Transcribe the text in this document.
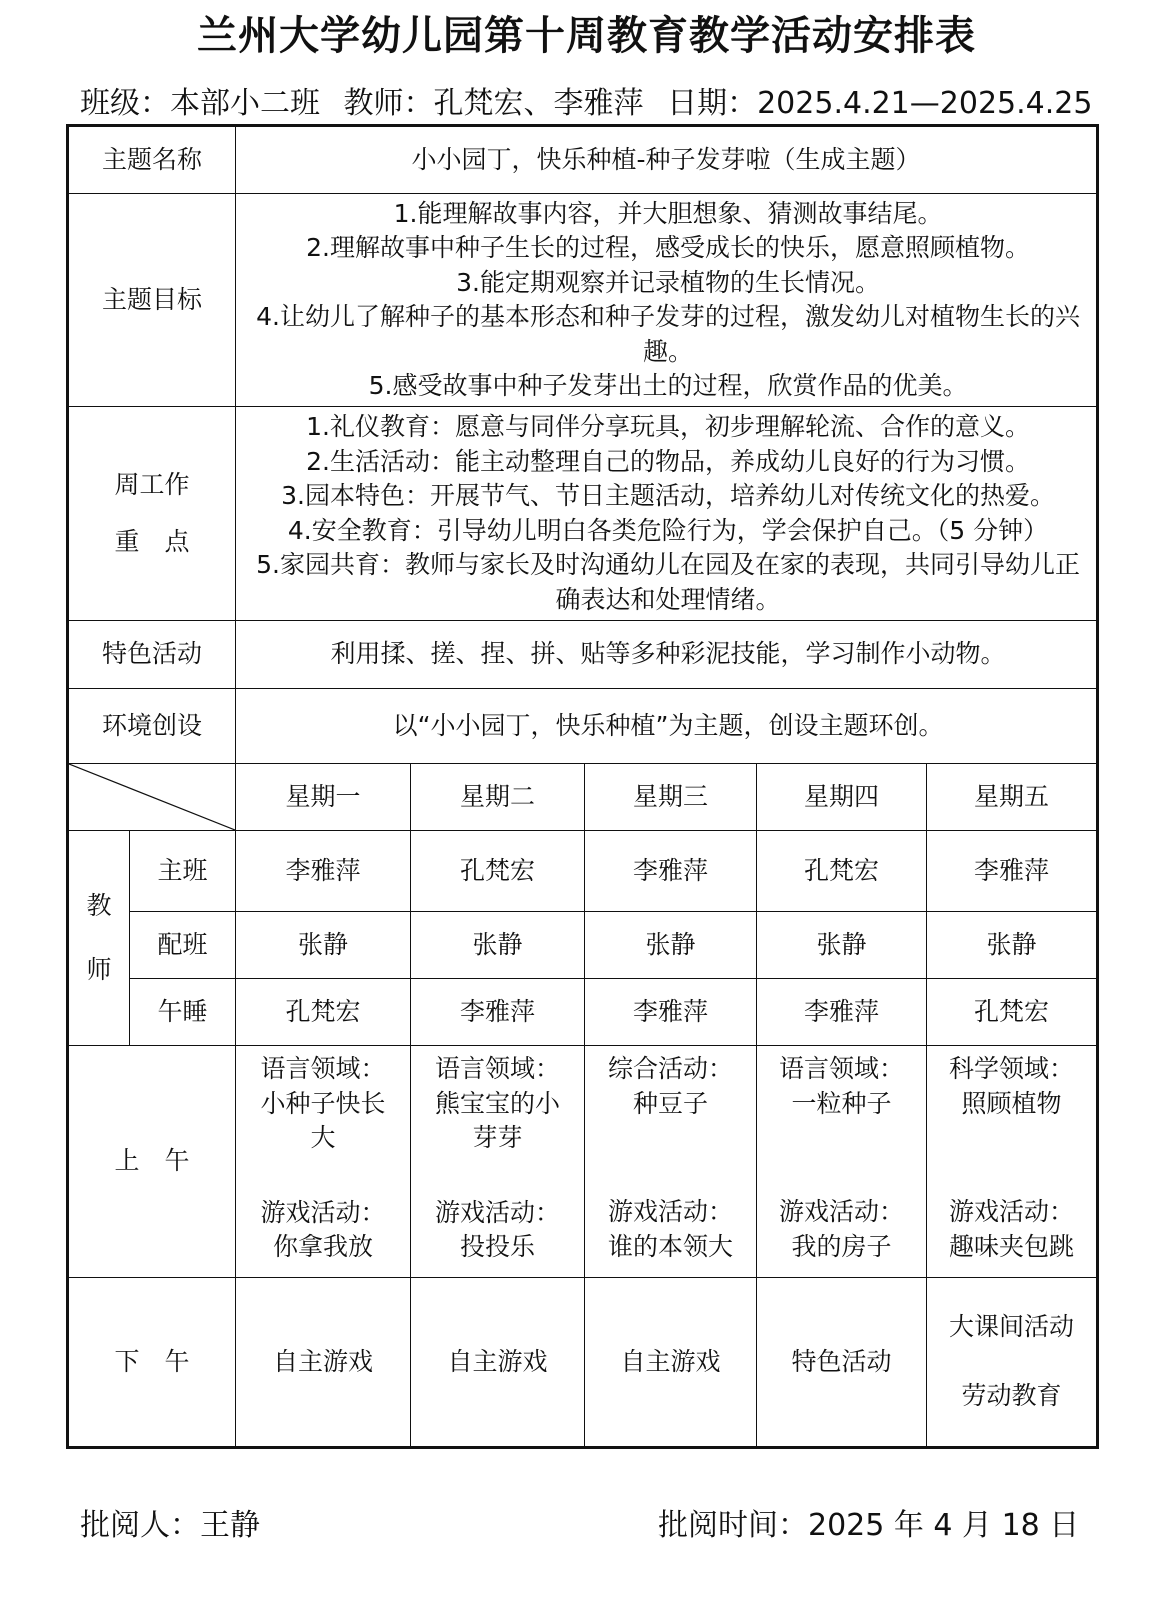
兰州大学幼儿园第十周教育教学活动安排表
班级：本部小二班 教师：孔梵宏、李雅萍 日期：2025.4.21—2025.4.25
主题名称		小小园丁，快乐种植-种子发芽啦（生成主题）				
主题目标		1.能理解故事内容，并大胆想象、猜测故事结尾。
2.理解故事中种子生长的过程，感受成长的快乐，愿意照顾植物。
3.能定期观察并记录植物的生长情况。
4.让幼儿了解种子的基本形态和种子发芽的过程，激发幼儿对植物生长的兴趣。
5.感受故事中种子发芽出土的过程，欣赏作品的优美。				

周工作
重　点		1.礼仪教育：愿意与同伴分享玩具，初步理解轮流、合作的意义。
2.生活活动：能主动整理自己的物品，养成幼儿良好的行为习惯。
3.园本特色：开展节气、节日主题活动，培养幼儿对传统文化的热爱。
4.安全教育：引导幼儿明白各类危险行为，学会保护自己。（5 分钟）
5.家园共育：教师与家长及时沟通幼儿在园及在家的表现，共同引导幼儿正确表达和处理情绪。				

特色活动		利用揉、搓、捏、拼、贴等多种彩泥技能，学习制作小动物。				
环境创设		以“小小园丁，快乐种植”为主题，创设主题环创。				

	星期一	星期二	星期三	星期四	星期五

教
师	主班	李雅萍	孔梵宏	李雅萍	孔梵宏	李雅萍
	配班	张静	张静	张静	张静	张静
	午睡	孔梵宏	李雅萍	李雅萍	李雅萍	孔梵宏
上　午		语言领域：
小种子快长
大
游戏活动：
你拿我放	语言领域：
熊宝宝的小
芽芽
游戏活动：
投投乐	综合活动：
种豆子
游戏活动：
谁的本领大	语言领域：
一粒种子
游戏活动：
我的房子	科学领域：
照顾植物
游戏活动：
趣味夹包跳

下　午		自主游戏	自主游戏	自主游戏	特色活动	大课间活动

劳动教育
批阅人：王静	批阅时间：2025 年 4 月 18 日
